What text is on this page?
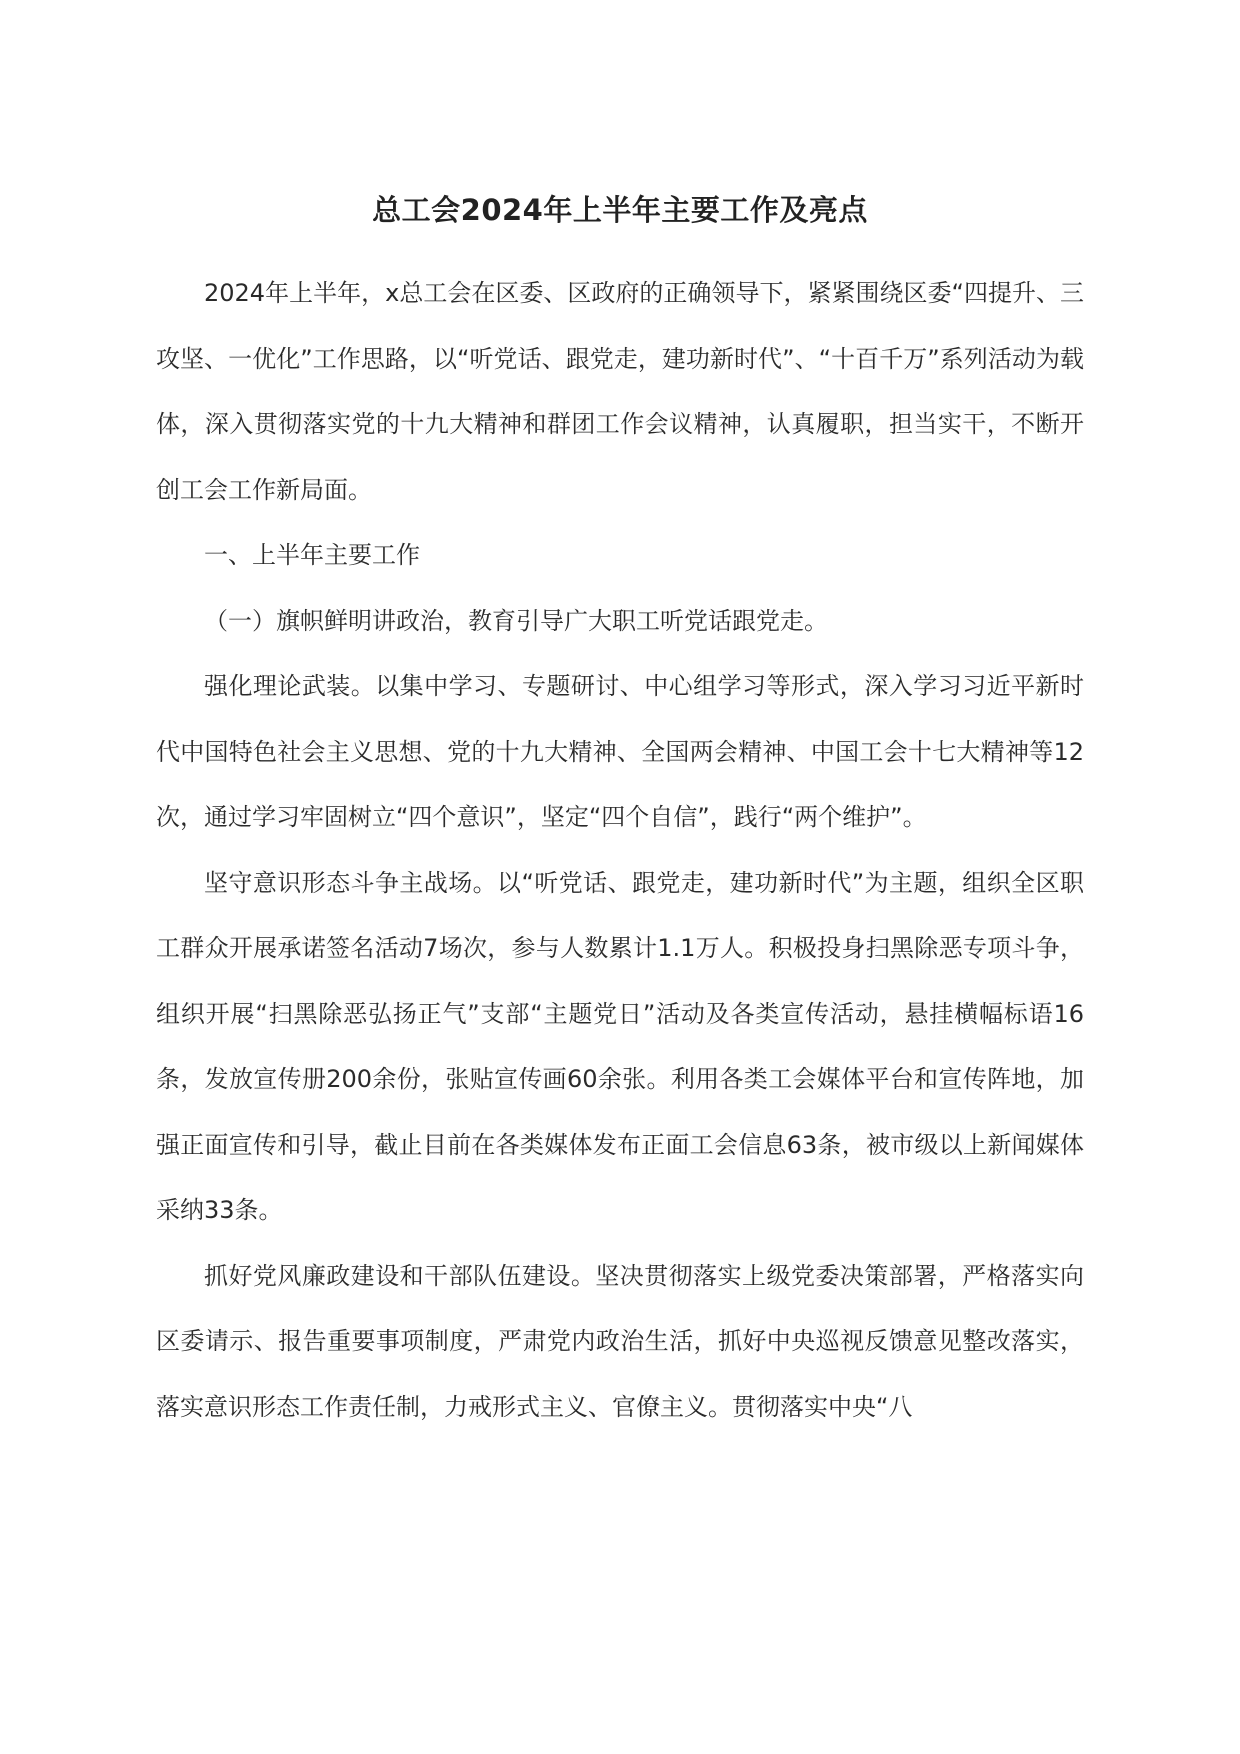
总工会2024年上半年主要工作及亮点

2024年上半年，x总工会在区委、区政府的正确领导下，紧紧围绕区委“四提升、三攻坚、一优化”工作思路，以“听党话、跟党走，建功新时代”、“十百千万”系列活动为载体，深入贯彻落实党的十九大精神和群团工作会议精神，认真履职，担当实干，不断开创工会工作新局面。

一、上半年主要工作

（一）旗帜鲜明讲政治，教育引导广大职工听党话跟党走。

强化理论武装。以集中学习、专题研讨、中心组学习等形式，深入学习习近平新时代中国特色社会主义思想、党的十九大精神、全国两会精神、中国工会十七大精神等12次，通过学习牢固树立“四个意识”，坚定“四个自信”，践行“两个维护”。

坚守意识形态斗争主战场。以“听党话、跟党走，建功新时代”为主题，组织全区职工群众开展承诺签名活动7场次，参与人数累计1.1万人。积极投身扫黑除恶专项斗争，组织开展“扫黑除恶弘扬正气”支部“主题党日”活动及各类宣传活动，悬挂横幅标语16条，发放宣传册200余份，张贴宣传画60余张。利用各类工会媒体平台和宣传阵地，加强正面宣传和引导，截止目前在各类媒体发布正面工会信息63条，被市级以上新闻媒体采纳33条。

抓好党风廉政建设和干部队伍建设。坚决贯彻落实上级党委决策部署，严格落实向区委请示、报告重要事项制度，严肃党内政治生活，抓好中央巡视反馈意见整改落实，落实意识形态工作责任制，力戒形式主义、官僚主义。贯彻落实中央“八
